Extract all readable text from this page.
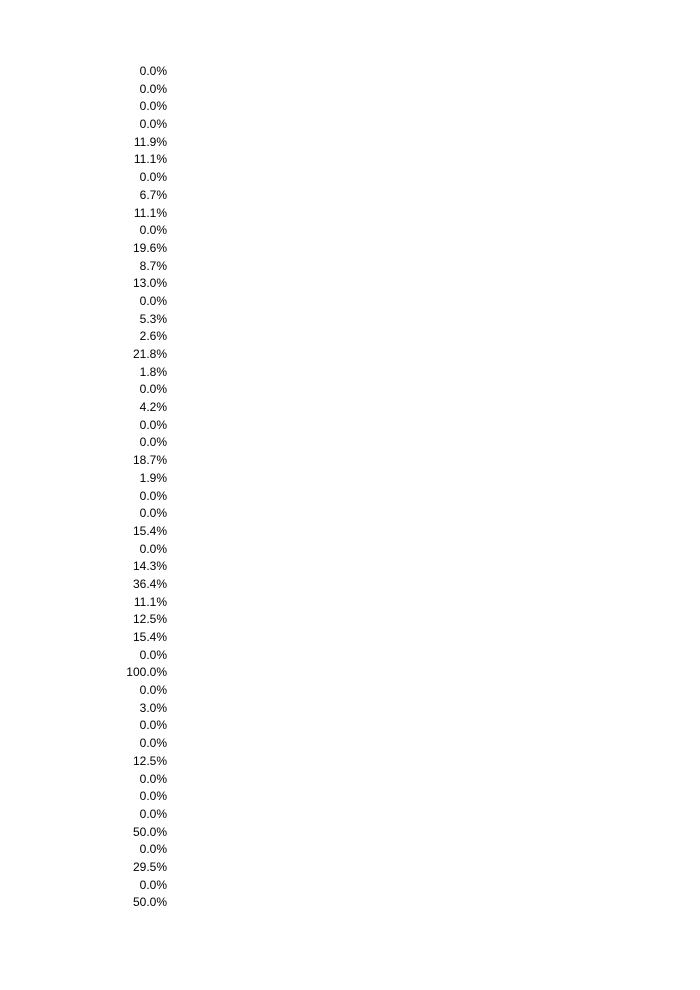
0.0%
0.0%
0.0%
0.0%
11.9%
11.1%
0.0%
6.7%
11.1%
0.0%
19.6%
8.7%
13.0%
0.0%
5.3%
2.6%
21.8%
1.8%
0.0%
4.2%
0.0%
0.0%
18.7%
1.9%
0.0%
0.0%
15.4%
0.0%
14.3%
36.4%
11.1%
12.5%
15.4%
0.0%
100.0%
0.0%
3.0%
0.0%
0.0%
12.5%
0.0%
0.0%
0.0%
50.0%
0.0%
29.5%
0.0%
50.0%
